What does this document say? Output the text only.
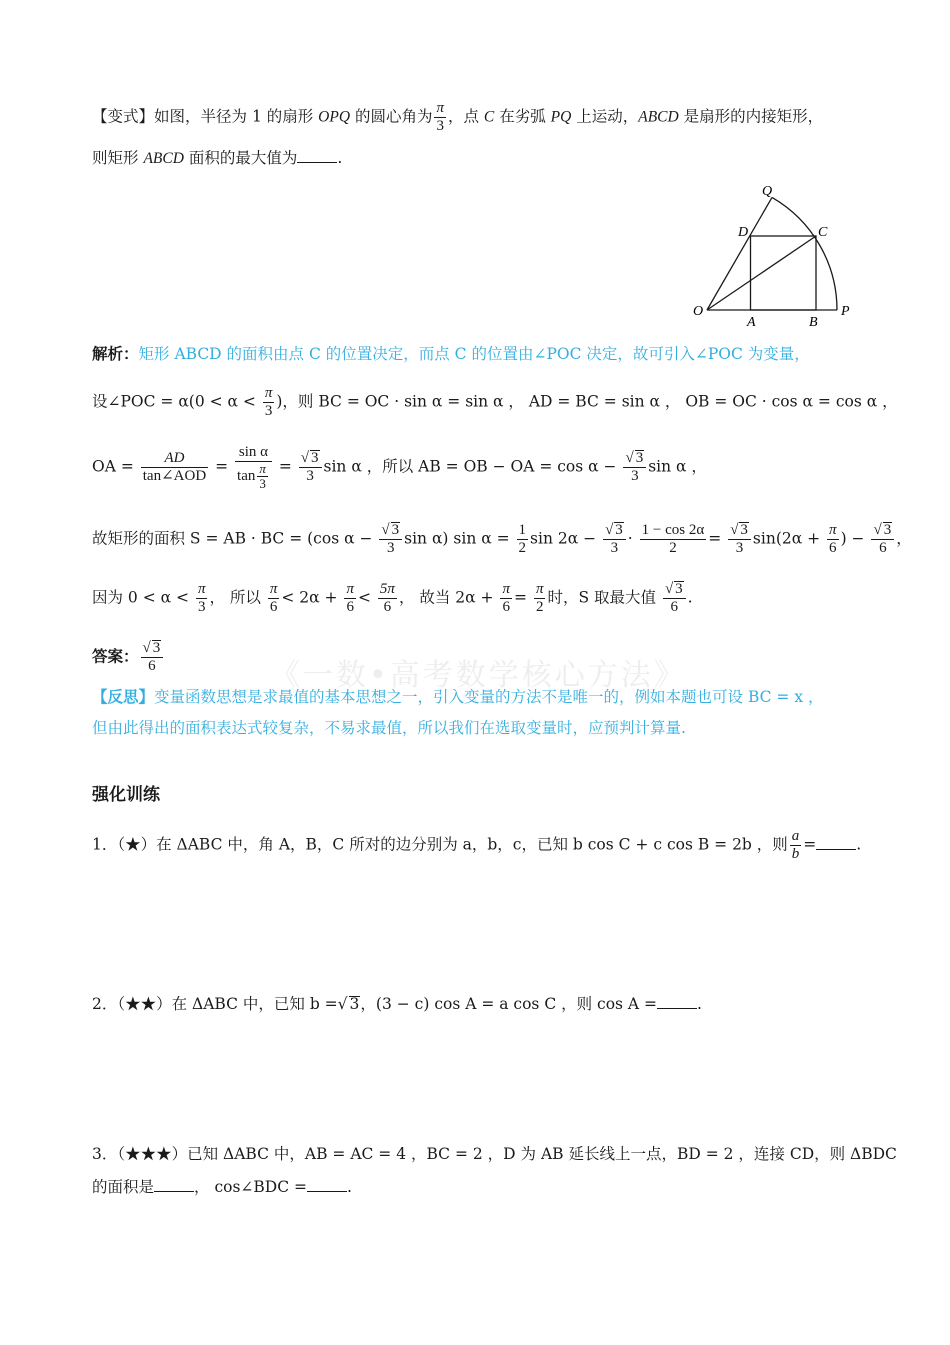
《一数•高考数学核心方法》
【变式】如图，半径为 1 的扇形 OPQ 的圆心角为 $\frac{\pi}{3}$ ，点 C 在劣弧 PQ 上运动，ABCD 是扇形的内接矩形，
则矩形 ABCD 面积的最大值为	.
O
A	B
P
Q
C
D
解析：矩形 ABCD 的面积由点 C 的位置决定，而点 C 的位置由∠POC 决定，故可引入∠POC 为变量，
设∠POC = $\alpha(0 < \alpha < \frac{\pi}{3}$ )，则 BC = OC · sin α = sin α ， AD = BC = sin α ， OB = OC · cos α = cos α ，
OA = $\frac{AD}{\text{tan∠AOD}} = \frac{\text{sin α}}{\tan \frac{\pi}{3}} = \frac{√ 3}{3}$ sin α ，所以 AB = OB − OA = $\cos \alpha - \frac{√ 3}{3}$ sin α ，
故矩形的面积 S = AB · BC = (cos $\alpha - \frac{√ 3}{3}$ sin α) $\sin \alpha = \frac{1}{2}$ $\sin 2\alpha - \frac{√ 3}{3} \cdot \frac{1 - \cos 2\alpha}{2} = \frac{√ 3}{3} \sin(2\alpha + \frac{\pi}{6}$ ) − $\frac{√ 3}{6}$ ，
因为 $0 < \alpha < \frac{\pi}{3}$ ， 所以 $\frac{\pi}{6} < 2\alpha + \frac{\pi}{6} < \frac{5\pi}{6}$ ， 故当 $2\alpha + \frac{\pi}{6} = \frac{\pi}{2}$ 时，S 取最大值 $\frac{√ 3}{6}$ .
答案： $\frac{√ 3}{6}$
【反思】变量函数思想是求最值的基本思想之一，引入变量的方法不是唯一的，例如本题也可设 BC = x ，
但由此得出的面积表达式较复杂，不易求最值，所以我们在选取变量时，应预判计算量.
强化训练
1．（★）在 ΔABC 中，角 A，B，C 所对的边分别为 a，b，c，已知 b cos C + c cos B = 2b ，则 $\frac{a}{b}$ =	.
2．（★★）在 ΔABC 中，已知 b =√ 3，(3 − c) cos A = a cos C ，则 cos A =	.
3．（★★★）已知 ΔABC 中，AB = AC = 4 ，BC = 2 ，D 为 AB 延长线上一点，BD = 2 ，连接 CD，则 ΔBDC
的面积是	， cos∠BDC =	.
